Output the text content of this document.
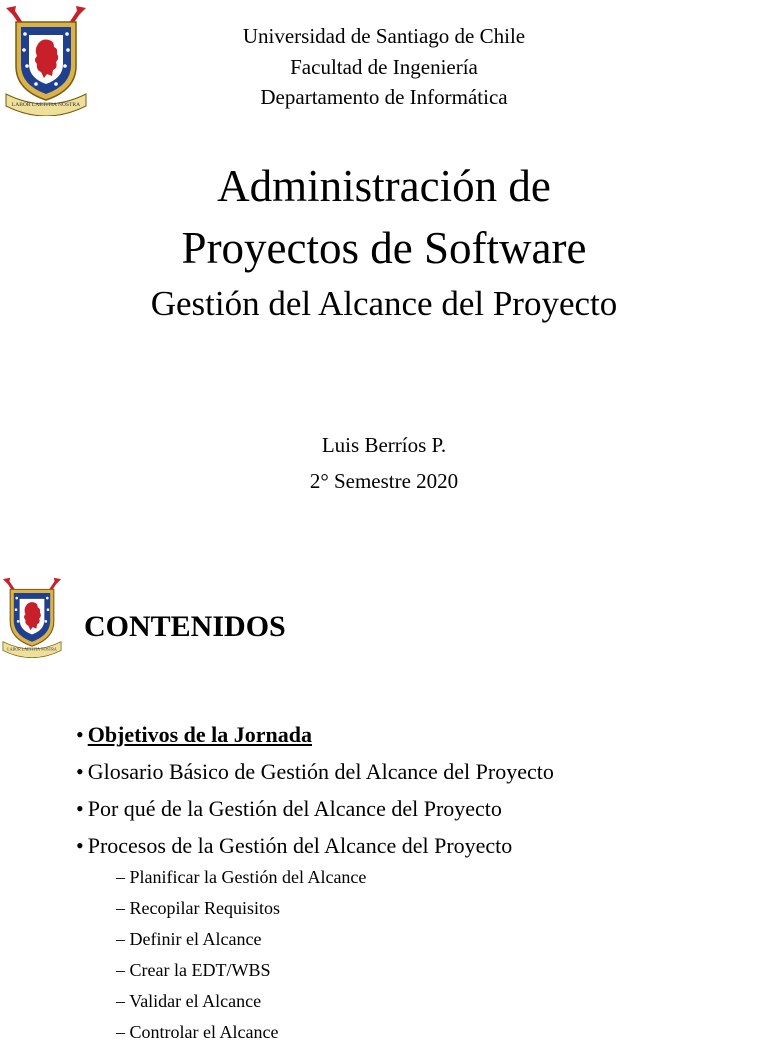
LABOR LAETITIA NOSTRA
Universidad de Santiago de Chile
Facultad de Ingeniería
Departamento de Informática
Administración de
Proyectos de Software
Gestión del Alcance del Proyecto
Luis Berríos P.
2° Semestre 2020
LABOR LAETITIA NOSTRA
CONTENIDOS
• Objetivos de la Jornada
• Glosario Básico de Gestión del Alcance del Proyecto
• Por qué de la Gestión del Alcance del Proyecto
• Procesos de la Gestión del Alcance del Proyecto
– Planificar la Gestión del Alcance
– Recopilar Requisitos
– Definir el Alcance
– Crear la EDT/WBS
– Validar el Alcance
– Controlar el Alcance
